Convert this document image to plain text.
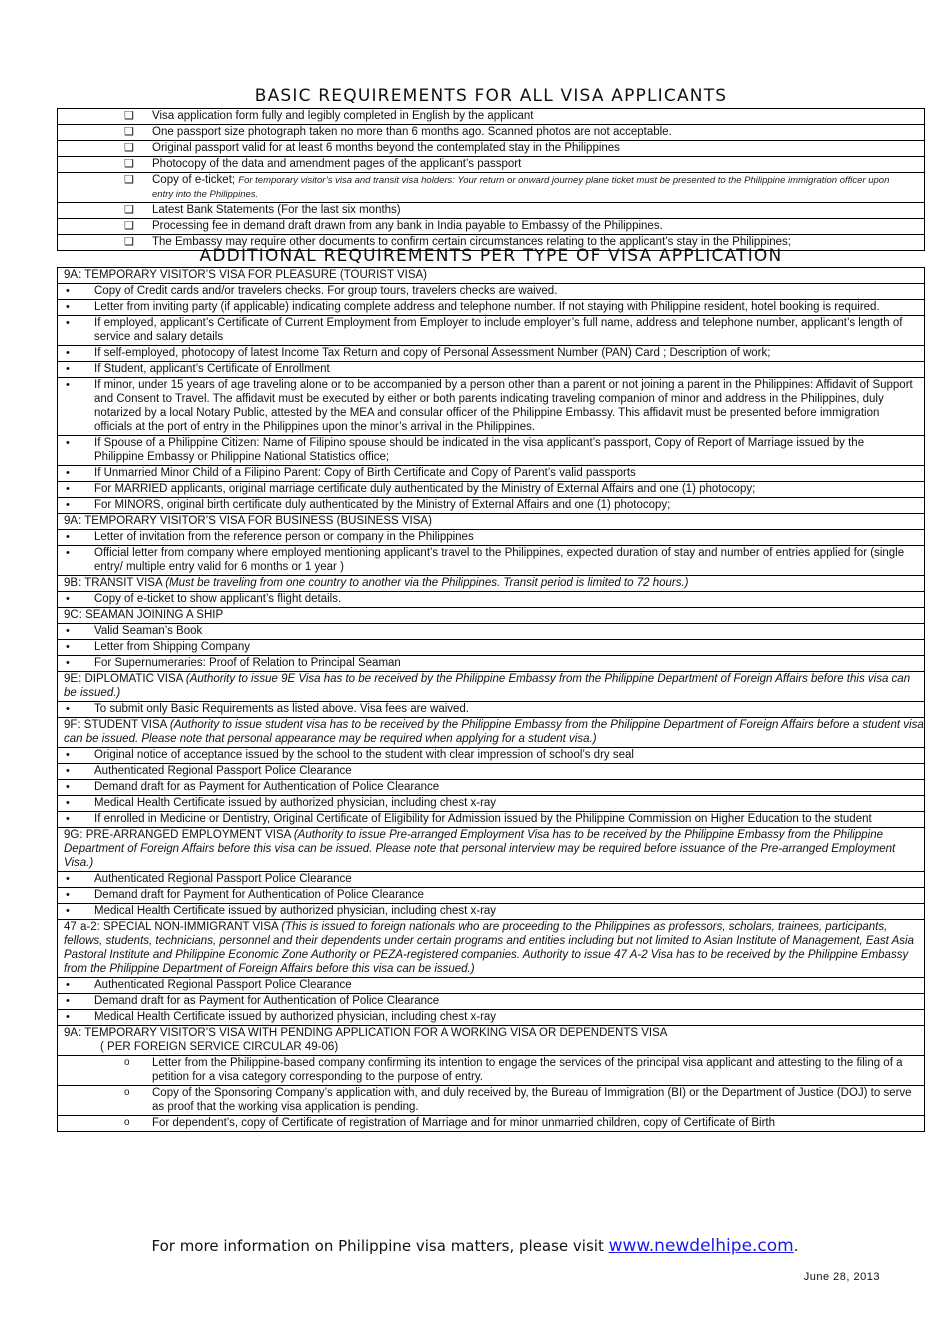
BASIC REQUIREMENTS FOR ALL VISA APPLICANTS
❑ Visa application form fully and legibly completed in English by the applicant
❑ One passport size photograph taken no more than 6 months ago. Scanned photos are not acceptable.
❑ Original passport valid for at least 6 months beyond the contemplated stay in the Philippines
❑ Photocopy of the data and amendment pages of the applicant’s passport
❑ Copy of e-ticket; For temporary visitor’s visa and transit visa holders: Your return or onward journey plane ticket must be presented to the Philippine immigration officer upon entry into the Philippines.
❑ Latest Bank Statements (For the last six months)
❑ Processing fee in demand draft drawn from any bank in India payable to Embassy of the Philippines.
❑ The Embassy may require other documents to confirm certain circumstances relating to the applicant’s stay in the Philippines;
ADDITIONAL REQUIREMENTS PER TYPE OF VISA APPLICATION
9A: TEMPORARY VISITOR’S VISA FOR PLEASURE (TOURIST VISA)

• Copy of Credit cards and/or travelers checks. For group tours, travelers checks are waived.

• Letter from inviting party (if applicable) indicating complete address and telephone number. If not staying with Philippine resident, hotel booking is required.

• If employed, applicant’s Certificate of Current Employment from Employer to include employer’s full name, address and telephone number, applicant’s length of service and salary details

• If self-employed, photocopy of latest Income Tax Return and copy of Personal Assessment Number (PAN) Card ; Description of work;

• If Student, applicant’s Certificate of Enrollment

• If minor, under 15 years of age traveling alone or to be accompanied by a person other than a parent or not joining a parent in the Philippines: Affidavit of Support and Consent to Travel. The affidavit must be executed by either or both parents indicating traveling companion of minor and address in the Philippines, duly notarized by a local Notary Public, attested by the MEA and consular officer of the Philippine Embassy. This affidavit must be presented before immigration officials at the port of entry in the Philippines upon the minor’s arrival in the Philippines.

• If Spouse of a Philippine Citizen: Name of Filipino spouse should be indicated in the visa applicant’s passport, Copy of Report of Marriage issued by the Philippine Embassy or Philippine National Statistics office;

• If Unmarried Minor Child of a Filipino Parent: Copy of Birth Certificate and Copy of Parent’s valid passports

• For MARRIED applicants, original marriage certificate duly authenticated by the Ministry of External Affairs and one (1) photocopy;

• For MINORS, original birth certificate duly authenticated by the Ministry of External Affairs and one (1) photocopy;
9A: TEMPORARY VISITOR’S VISA FOR BUSINESS (BUSINESS VISA)

• Letter of invitation from the reference person or company in the Philippines

• Official letter from company where employed mentioning applicant’s travel to the Philippines, expected duration of stay and number of entries applied for (single entry/ multiple entry valid for 6 months or 1 year )
9B: TRANSIT VISA (Must be traveling from one country to another via the Philippines. Transit period is limited to 72 hours.)

• Copy of e-ticket to show applicant’s flight details.
9C: SEAMAN JOINING A SHIP

• Valid Seaman’s Book

• Letter from Shipping Company

• For Supernumeraries: Proof of Relation to Principal Seaman
9E: DIPLOMATIC VISA (Authority to issue 9E Visa has to be received by the Philippine Embassy from the Philippine Department of Foreign Affairs before this visa can be issued.)

• To submit only Basic Requirements as listed above. Visa fees are waived.
9F: STUDENT VISA (Authority to issue student visa has to be received by the Philippine Embassy from the Philippine Department of Foreign Affairs before a student visa can be issued. Please note that personal appearance may be required when applying for a student visa.)

• Original notice of acceptance issued by the school to the student with clear impression of school’s dry seal

• Authenticated Regional Passport Police Clearance

• Demand draft for as Payment for Authentication of Police Clearance

• Medical Health Certificate issued by authorized physician, including chest x-ray

• If enrolled in Medicine or Dentistry, Original Certificate of Eligibility for Admission issued by the Philippine Commission on Higher Education to the student
9G: PRE-ARRANGED EMPLOYMENT VISA (Authority to issue Pre-arranged Employment Visa has to be received by the Philippine Embassy from the Philippine Department of Foreign Affairs before this visa can be issued. Please note that personal interview may be required before issuance of the Pre-arranged Employment Visa.)

• Authenticated Regional Passport Police Clearance

• Demand draft for Payment for Authentication of Police Clearance

• Medical Health Certificate issued by authorized physician, including chest x-ray
47 a-2: SPECIAL NON-IMMIGRANT VISA (This is issued to foreign nationals who are proceeding to the Philippines as professors, scholars, trainees, participants, fellows, students, technicians, personnel and their dependents under certain programs and entities including but not limited to Asian Institute of Management, East Asia Pastoral Institute and Philippine Economic Zone Authority or PEZA-registered companies. Authority to issue 47 A-2 Visa has to be received by the Philippine Embassy from the Philippine Department of Foreign Affairs before this visa can be issued.)

• Authenticated Regional Passport Police Clearance

• Demand draft for as Payment for Authentication of Police Clearance

• Medical Health Certificate issued by authorized physician, including chest x-ray
9A: TEMPORARY VISITOR’S VISA WITH PENDING APPLICATION FOR A WORKING VISA OR DEPENDENTS VISA
( PER FOREIGN SERVICE CIRCULAR 49-06)

o Letter from the Philippine-based company confirming its intention to engage the services of the principal visa applicant and attesting to the filing of a petition for a visa category corresponding to the purpose of entry.

o Copy of the Sponsoring Company’s application with, and duly received by, the Bureau of Immigration (BI) or the Department of Justice (DOJ) to serve as proof that the working visa application is pending.

o For dependent’s, copy of Certificate of registration of Marriage and for minor unmarried children, copy of Certificate of Birth
For more information on Philippine visa matters, please visit www.newdelhipe.com.
June 28, 2013
